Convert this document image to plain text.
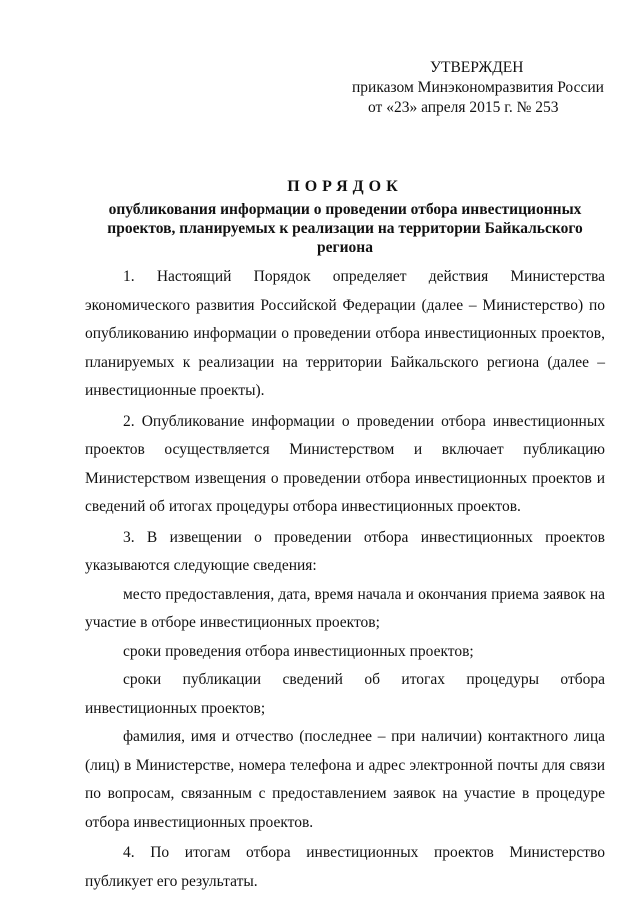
УТВЕРЖДЕН
приказом Минэкономразвития России
от «23» апреля 2015 г. № 253
ПОРЯДОК
опубликования информации о проведении отбора инвестиционных проектов, планируемых к реализации на территории Байкальского региона

1. Настоящий Порядок определяет действия Министерства экономического развития Российской Федерации (далее – Министерство) по опубликованию информации о проведении отбора инвестиционных проектов, планируемых к реализации на территории Байкальского региона (далее – инвестиционные проекты).

2. Опубликование информации о проведении отбора инвестиционных проектов осуществляется Министерством и включает публикацию Министерством извещения о проведении отбора инвестиционных проектов и сведений об итогах процедуры отбора инвестиционных проектов.

3. В извещении о проведении отбора инвестиционных проектов указываются следующие сведения:

место предоставления, дата, время начала и окончания приема заявок на участие в отборе инвестиционных проектов;

сроки проведения отбора инвестиционных проектов;

сроки публикации сведений об итогах процедуры отбора инвестиционных проектов;

фамилия, имя и отчество (последнее – при наличии) контактного лица (лиц) в Министерстве, номера телефона и адрес электронной почты для связи по вопросам, связанным с предоставлением заявок на участие в процедуре отбора инвестиционных проектов.

4. По итогам отбора инвестиционных проектов Министерство публикует его результаты.
